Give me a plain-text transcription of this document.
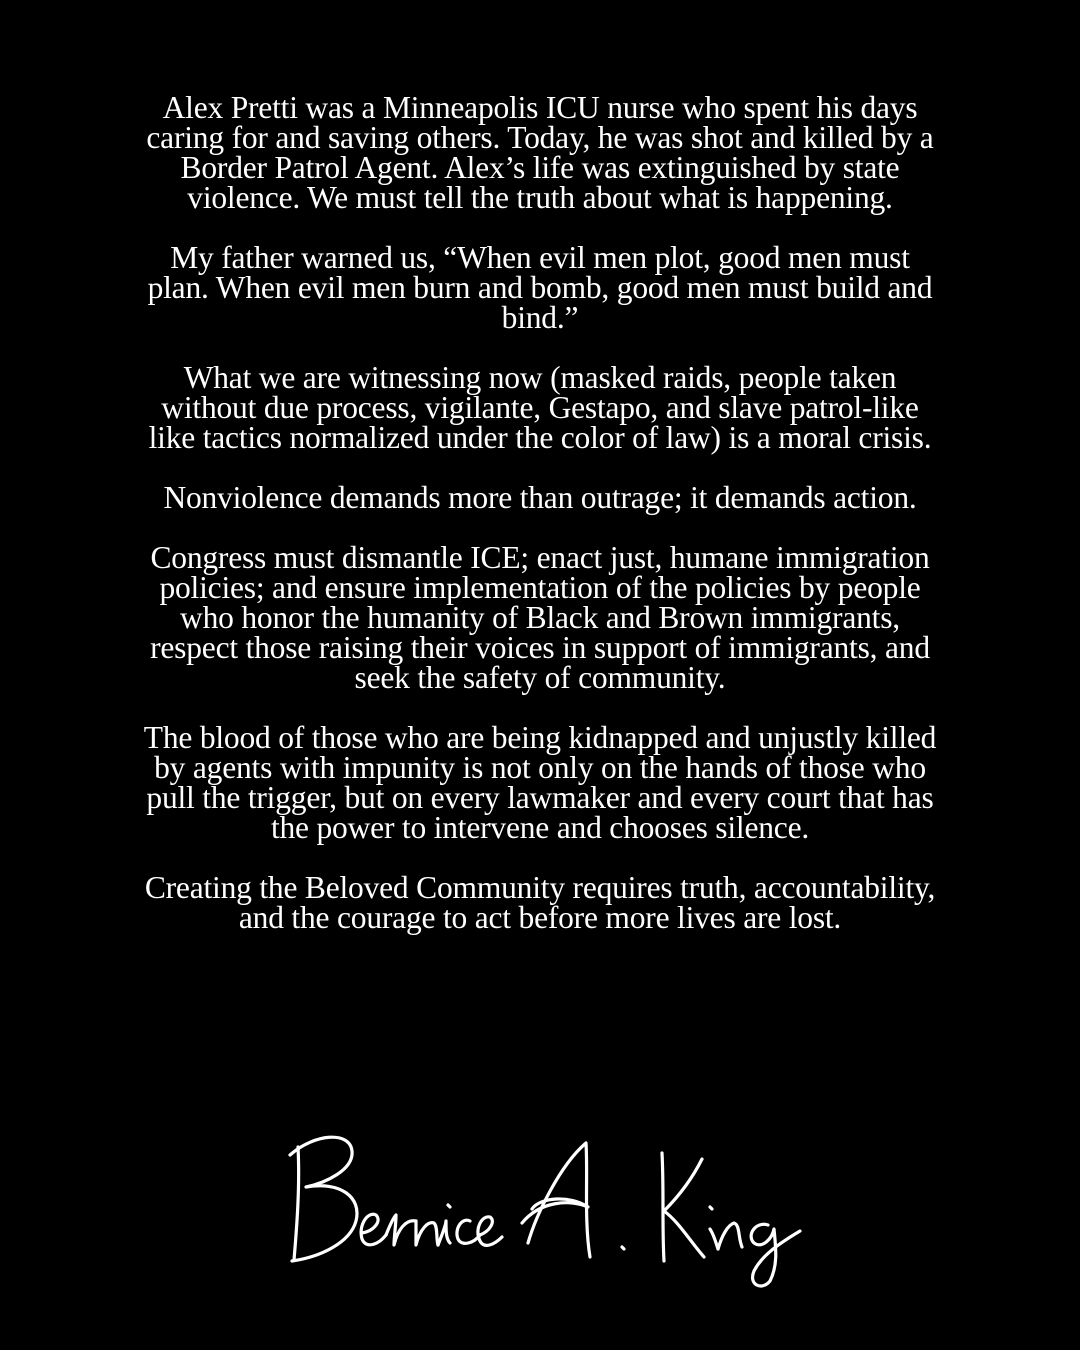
Alex Pretti was a Minneapolis ICU nurse who spent his days caring for and saving others. Today, he was shot and killed by a Border Patrol Agent. Alex’s life was extinguished by state violence. We must tell the truth about what is happening.

My father warned us, “When evil men plot, good men must plan. When evil men burn and bomb, good men must build and bind.”

What we are witnessing now (masked raids, people taken without due process, vigilante, Gestapo, and slave patrol-like like tactics normalized under the color of law) is a moral crisis.

Nonviolence demands more than outrage; it demands action.

Congress must dismantle ICE; enact just, humane immigration policies; and ensure implementation of the policies by people who honor the humanity of Black and Brown immigrants, respect those raising their voices in support of immigrants, and seek the safety of community.

The blood of those who are being kidnapped and unjustly killed by agents with impunity is not only on the hands of those who pull the trigger, but on every lawmaker and every court that has the power to intervene and chooses silence.

Creating the Beloved Community requires truth, accountability, and the courage to act before more lives are lost.
